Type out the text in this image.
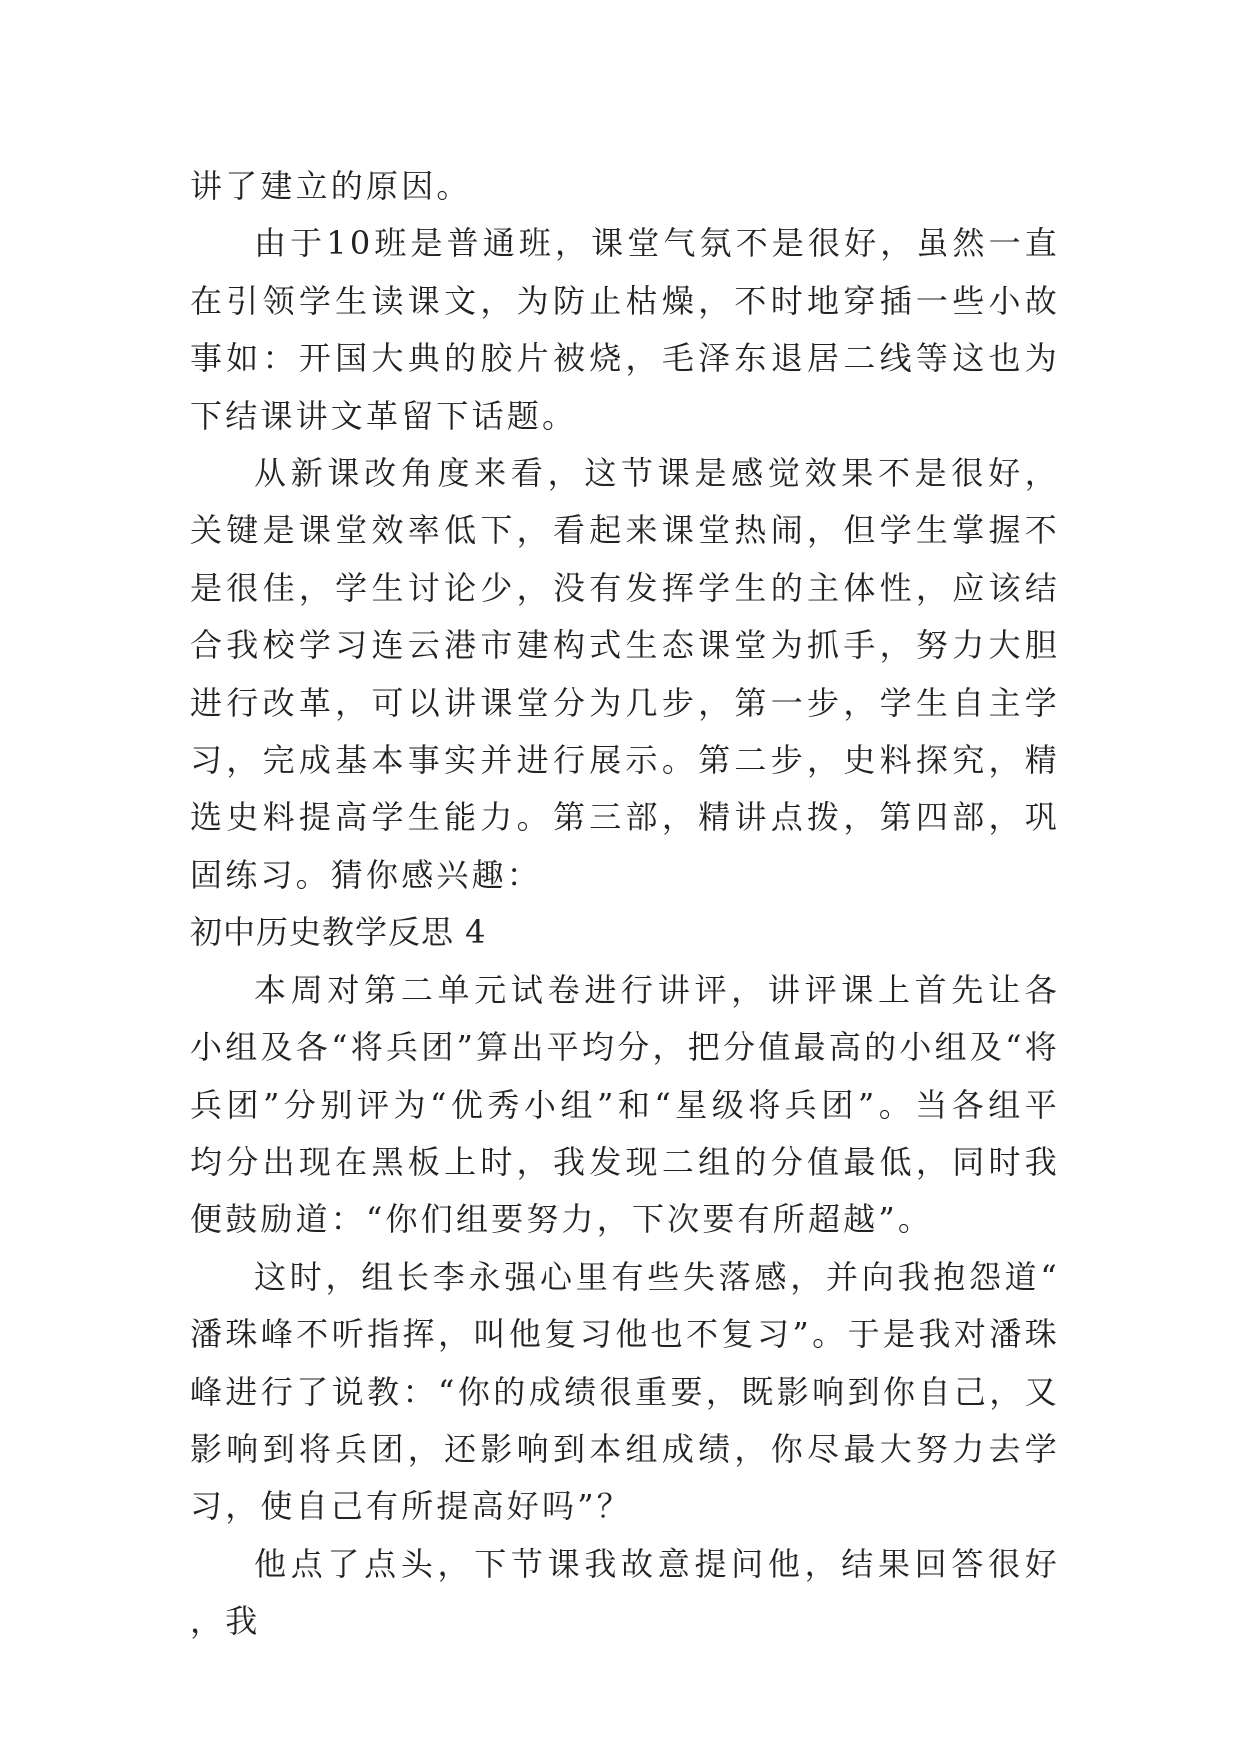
讲了建立的原因。

由于10班是普通班，课堂气氛不是很好，虽然一直在引领学生读课文，为防止枯燥，不时地穿插一些小故事如：开国大典的胶片被烧，毛泽东退居二线等这也为下结课讲文革留下话题。

从新课改角度来看，这节课是感觉效果不是很好，关键是课堂效率低下，看起来课堂热闹，但学生掌握不是很佳，学生讨论少，没有发挥学生的主体性，应该结合我校学习连云港市建构式生态课堂为抓手，努力大胆进行改革，可以讲课堂分为几步，第一步，学生自主学习，完成基本事实并进行展示。第二步，史料探究，精选史料提高学生能力。第三部，精讲点拨，第四部，巩固练习。猜你感兴趣：

初中历史教学反思 4

本周对第二单元试卷进行讲评，讲评课上首先让各小组及各“将兵团”算出平均分，把分值最高的小组及“将兵团”分别评为“优秀小组”和“星级将兵团”。当各组平均分出现在黑板上时，我发现二组的分值最低，同时我便鼓励道：“你们组要努力，下次要有所超越”。

这时，组长李永强心里有些失落感，并向我抱怨道“潘珠峰不听指挥，叫他复习他也不复习”。于是我对潘珠峰进行了说教：“你的成绩很重要，既影响到你自己，又影响到将兵团，还影响到本组成绩，你尽最大努力去学习，使自己有所提高好吗”？

他点了点头，下节课我故意提问他，结果回答很好，我
